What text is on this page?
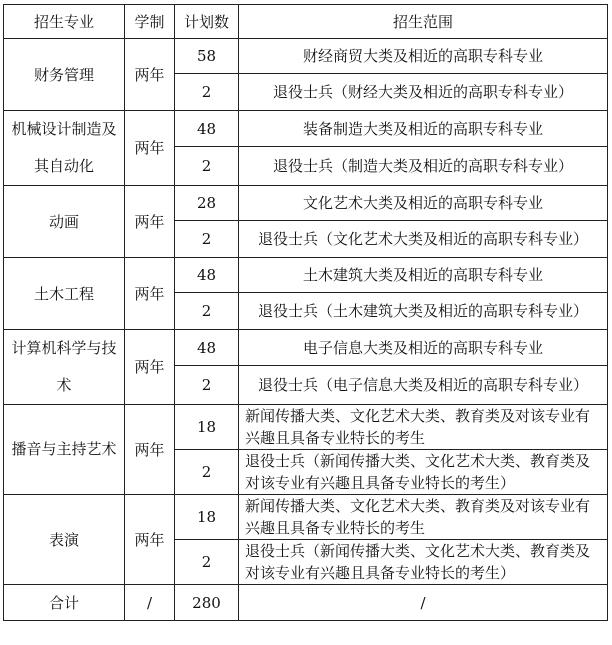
招生专业	学制	计划数	招生范围
财务管理	两年	58	财经商贸大类及相近的高职专科专业
		2	退役士兵（财经大类及相近的高职专科专业）
机械设计制造及其自动化	两年	48	装备制造大类及相近的高职专科专业
		2	退役士兵（制造大类及相近的高职专科专业）
动画	两年	28	文化艺术大类及相近的高职专科专业
		2	退役士兵（文化艺术大类及相近的高职专科专业）
土木工程	两年	48	土木建筑大类及相近的高职专科专业
		2	退役士兵（土木建筑大类及相近的高职专科专业）
计算机科学与技术	两年	48	电子信息大类及相近的高职专科专业
		2	退役士兵（电子信息大类及相近的高职专科专业）
播音与主持艺术	两年	18	新闻传播大类、文化艺术大类、教育类及对该专业有兴趣且具备专业特长的考生
		2	退役士兵（新闻传播大类、文化艺术大类、教育类及对该专业有兴趣且具备专业特长的考生）
表演	两年	18	新闻传播大类、文化艺术大类、教育类及对该专业有兴趣且具备专业特长的考生
		2	退役士兵（新闻传播大类、文化艺术大类、教育类及对该专业有兴趣且具备专业特长的考生）
合计	/	280	/
